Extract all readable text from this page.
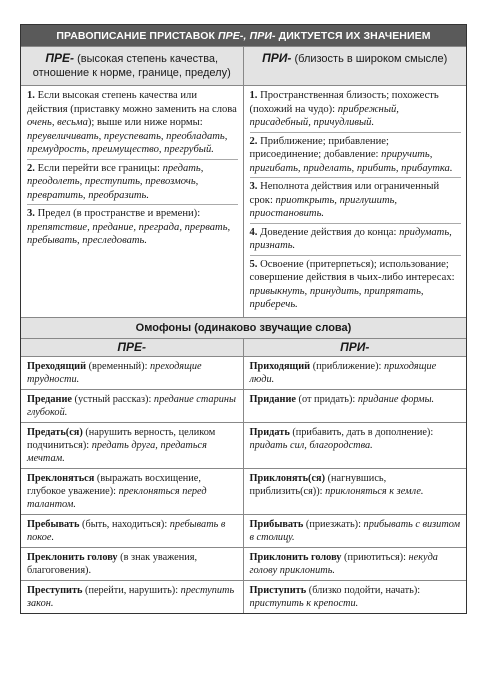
ПРАВОПИСАНИЕ ПРИСТАВОК ПРЕ-, ПРИ- ДИКТУЕТСЯ ИХ ЗНАЧЕНИЕМ
ПРЕ- (высокая степень качества, отношение к норме, границе, пределу)
ПРИ- (близость в широком смысле)
1. Если высокая степень качества или действия (приставку можно заменить на слова очень, весьма); выше или ниже нормы: преувеличивать, преуспевать, преобладать, премудрость, преимущество, прегрубый.
2. Если перейти все границы: предать, преодолеть, преступить, превозмочь, превратить, преобразить.
3. Предел (в пространстве и времени): препятствие, предание, преграда, прервать, пребывать, преследовать.
1. Пространственная близость; похожесть (похожий на чудо): прибрежный, присадебный, причудливый.
2. Приближение; прибавление; присоединение; добавление: приручить, пригибать, приделать, прибить, прибаутка.
3. Неполнота действия или ограниченный срок: приоткрыть, приглушить, приостановить.
4. Доведение действия до конца: придумать, признать.
5. Освоение (притерпеться); использование; совершение действия в чьих-либо интересах: привыкнуть, принудить, припрятать, приберечь.
Омофоны (одинаково звучащие слова)
ПРЕ-	ПРИ-
Преходящий (временный): преходящие трудности.
Приходящий (приближение): приходящие люди.
Предание (устный рассказ): предание старины глубокой.
Придание (от придать): придание формы.
Предать(ся) (нарушить верность, целиком подчиниться): предать друга, предаться мечтам.
Придать (прибавить, дать в дополнение): придать сил, благородства.
Преклоняться (выражать восхищение, глубокое уважение): преклоняться перед талантом.
Приклонять(ся) (нагнувшись, приблизить(ся)): приклоняться к земле.
Пребывать (быть, находиться): пребывать в покое.
Прибывать (приезжать): прибывать с визитом в столицу.
Преклонить голову (в знак уважения, благоговения).
Приклонить голову (приютиться): некуда голову приклонить.
Преступить (перейти, нарушить): преступить закон.
Приступить (близко подойти, начать): приступить к крепости.
